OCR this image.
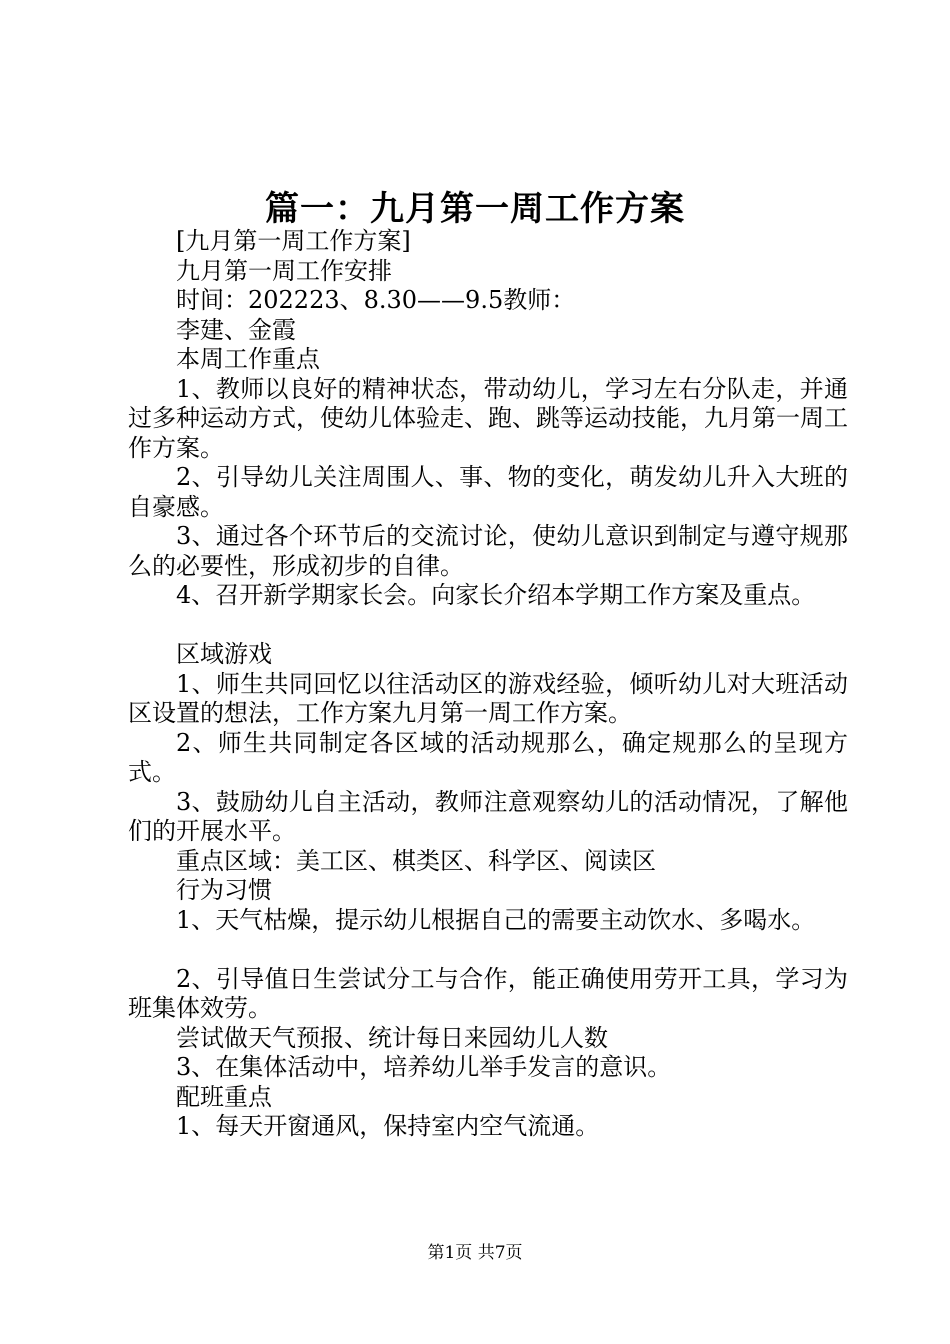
篇一：九月第一周工作方案

[九月第一周工作方案]

九月第一周工作安排

时间：202223、8.30——9.5教师：

李建、金霞

本周工作重点

1、教师以良好的精神状态，带动幼儿，学习左右分队走，并通过多种运动方式，使幼儿体验走、跑、跳等运动技能，九月第一周工作方案。

2、引导幼儿关注周围人、事、物的变化，萌发幼儿升入大班的自豪感。

3、通过各个环节后的交流讨论，使幼儿意识到制定与遵守规那么的必要性，形成初步的自律。

4、召开新学期家长会。向家长介绍本学期工作方案及重点。

区域游戏

1、师生共同回忆以往活动区的游戏经验，倾听幼儿对大班活动区设置的想法，工作方案九月第一周工作方案。

2、师生共同制定各区域的活动规那么，确定规那么的呈现方式。

3、鼓励幼儿自主活动，教师注意观察幼儿的活动情况，了解他们的开展水平。

重点区域：美工区、棋类区、科学区、阅读区

行为习惯

1、天气枯燥，提示幼儿根据自己的需要主动饮水、多喝水。

2、引导值日生尝试分工与合作，能正确使用劳开工具，学习为班集体效劳。

尝试做天气预报、统计每日来园幼儿人数

3、在集体活动中，培养幼儿举手发言的意识。

配班重点

1、每天开窗通风，保持室内空气流通。

第1页 共7页
